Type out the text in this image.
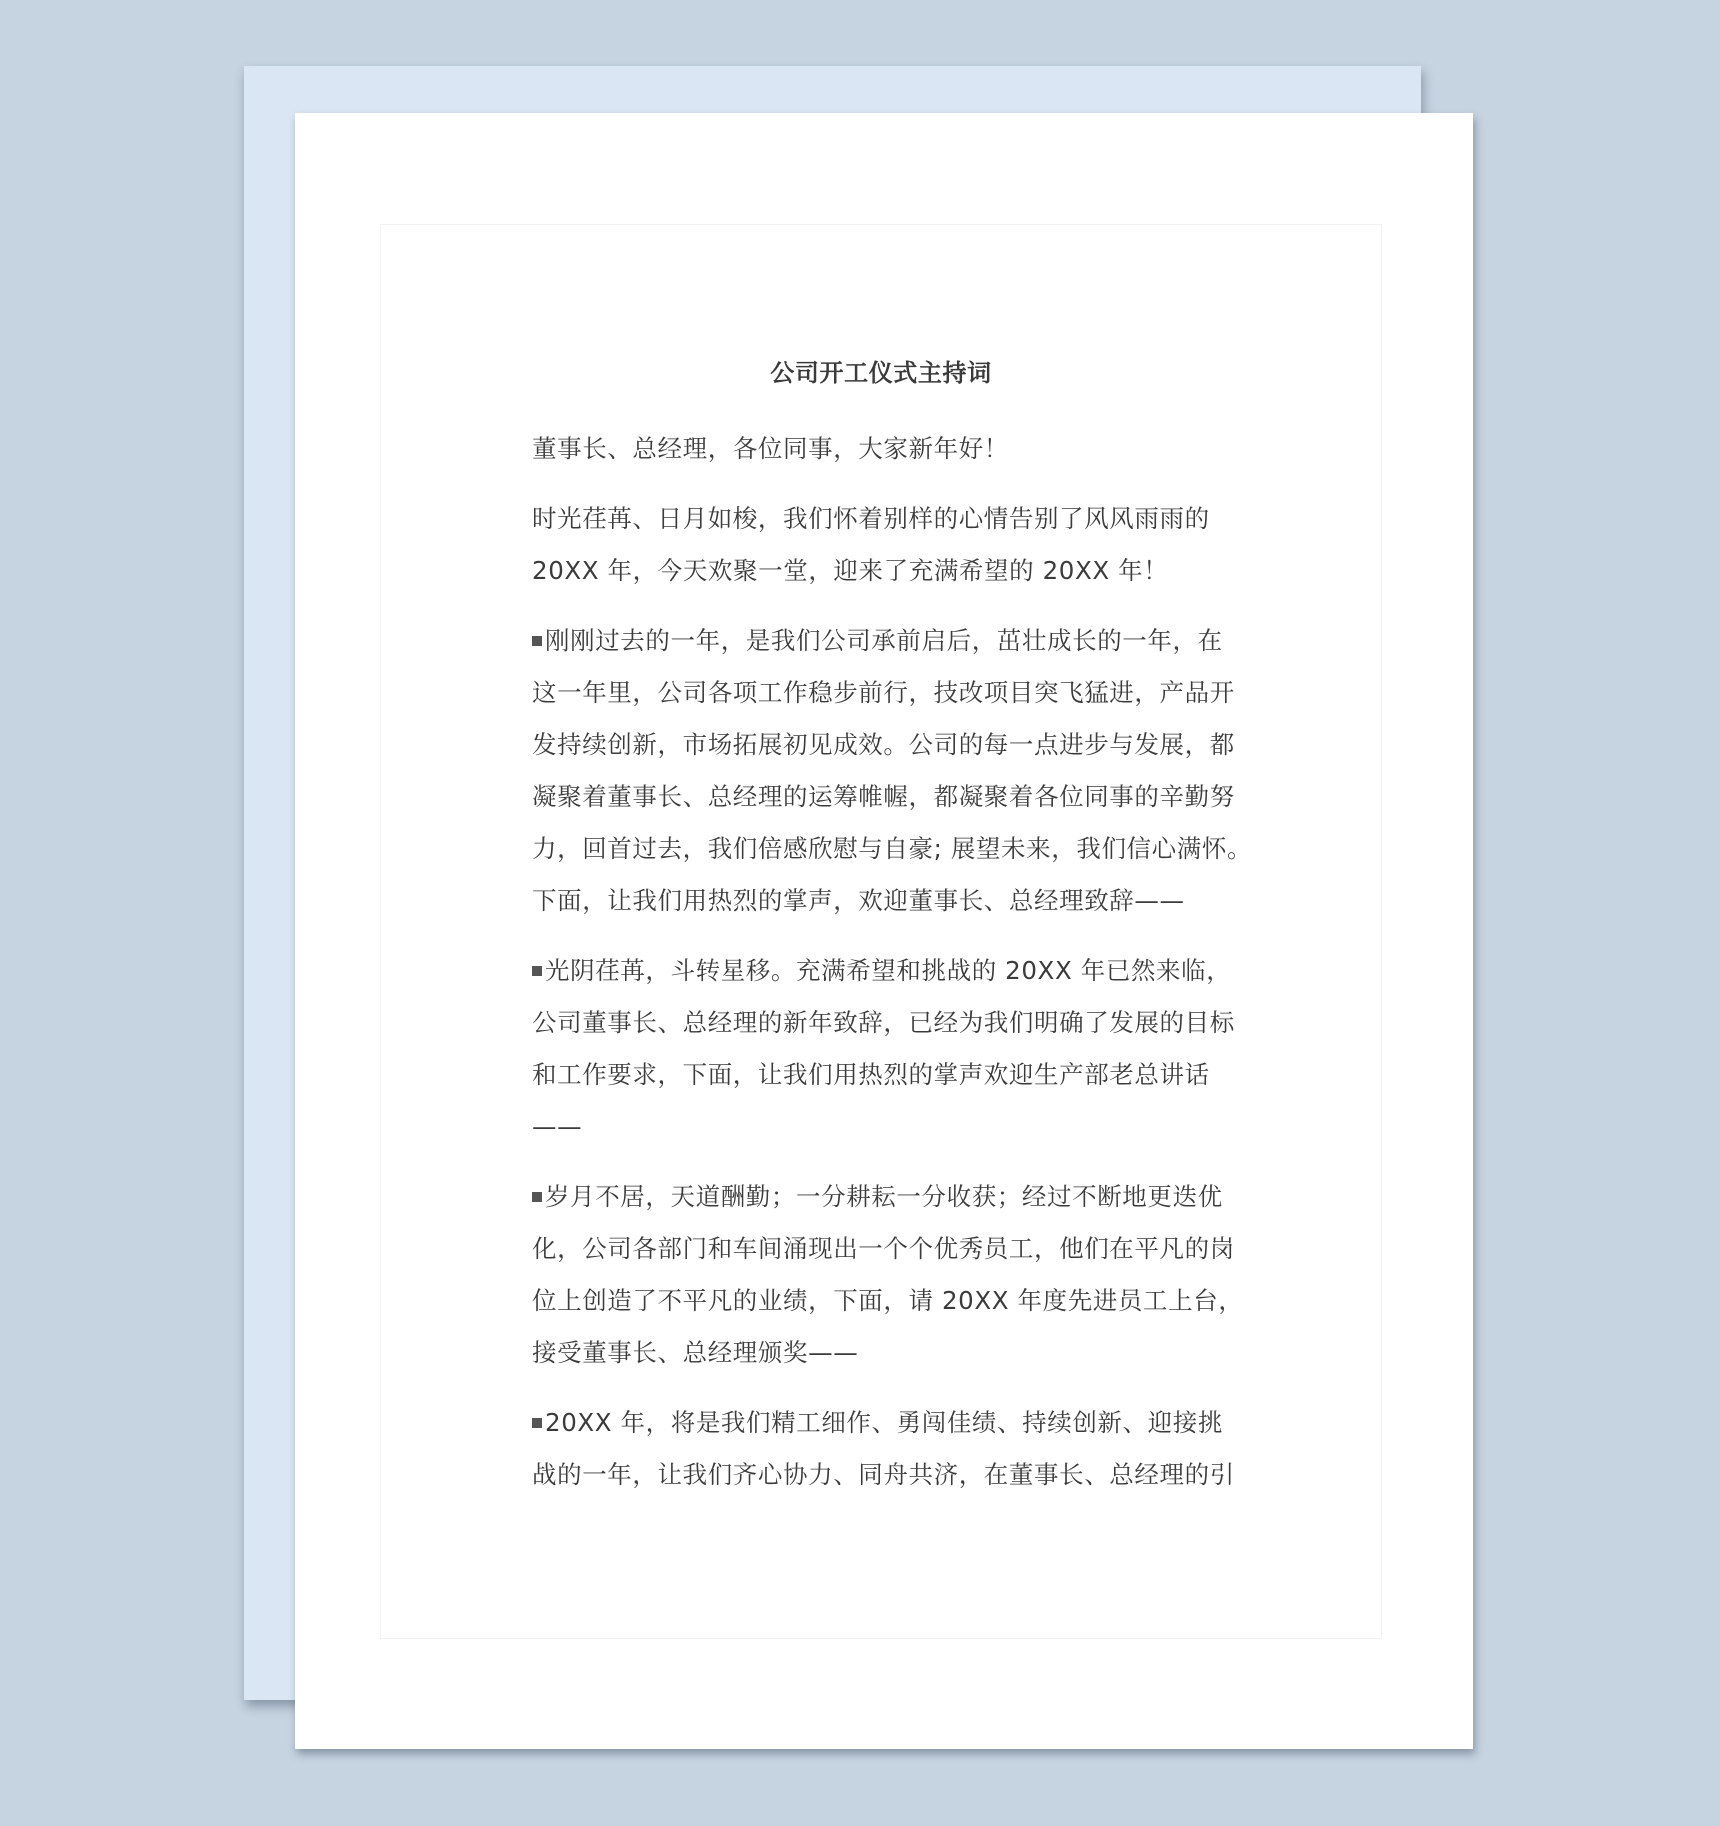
公司开工仪式主持词
董事长、总经理，各位同事，大家新年好！
时光荏苒、日月如梭，我们怀着别样的心情告别了风风雨雨的
20XX 年，今天欢聚一堂，迎来了充满希望的 20XX 年！
刚刚过去的一年，是我们公司承前启后，茁壮成长的一年，在
这一年里，公司各项工作稳步前行，技改项目突飞猛进，产品开
发持续创新，市场拓展初见成效。公司的每一点进步与发展，都
凝聚着董事长、总经理的运筹帷幄，都凝聚着各位同事的辛勤努
力，回首过去，我们倍感欣慰与自豪; 展望未来，我们信心满怀。
下面，让我们用热烈的掌声，欢迎董事长、总经理致辞——
光阴荏苒，斗转星移。充满希望和挑战的 20XX 年已然来临，
公司董事长、总经理的新年致辞，已经为我们明确了发展的目标
和工作要求，下面，让我们用热烈的掌声欢迎生产部老总讲话
——
岁月不居，天道酬勤；一分耕耘一分收获；经过不断地更迭优
化，公司各部门和车间涌现出一个个优秀员工，他们在平凡的岗
位上创造了不平凡的业绩，下面，请 20XX 年度先进员工上台，
接受董事长、总经理颁奖——
20XX 年，将是我们精工细作、勇闯佳绩、持续创新、迎接挑
战的一年，让我们齐心协力、同舟共济，在董事长、总经理的引
